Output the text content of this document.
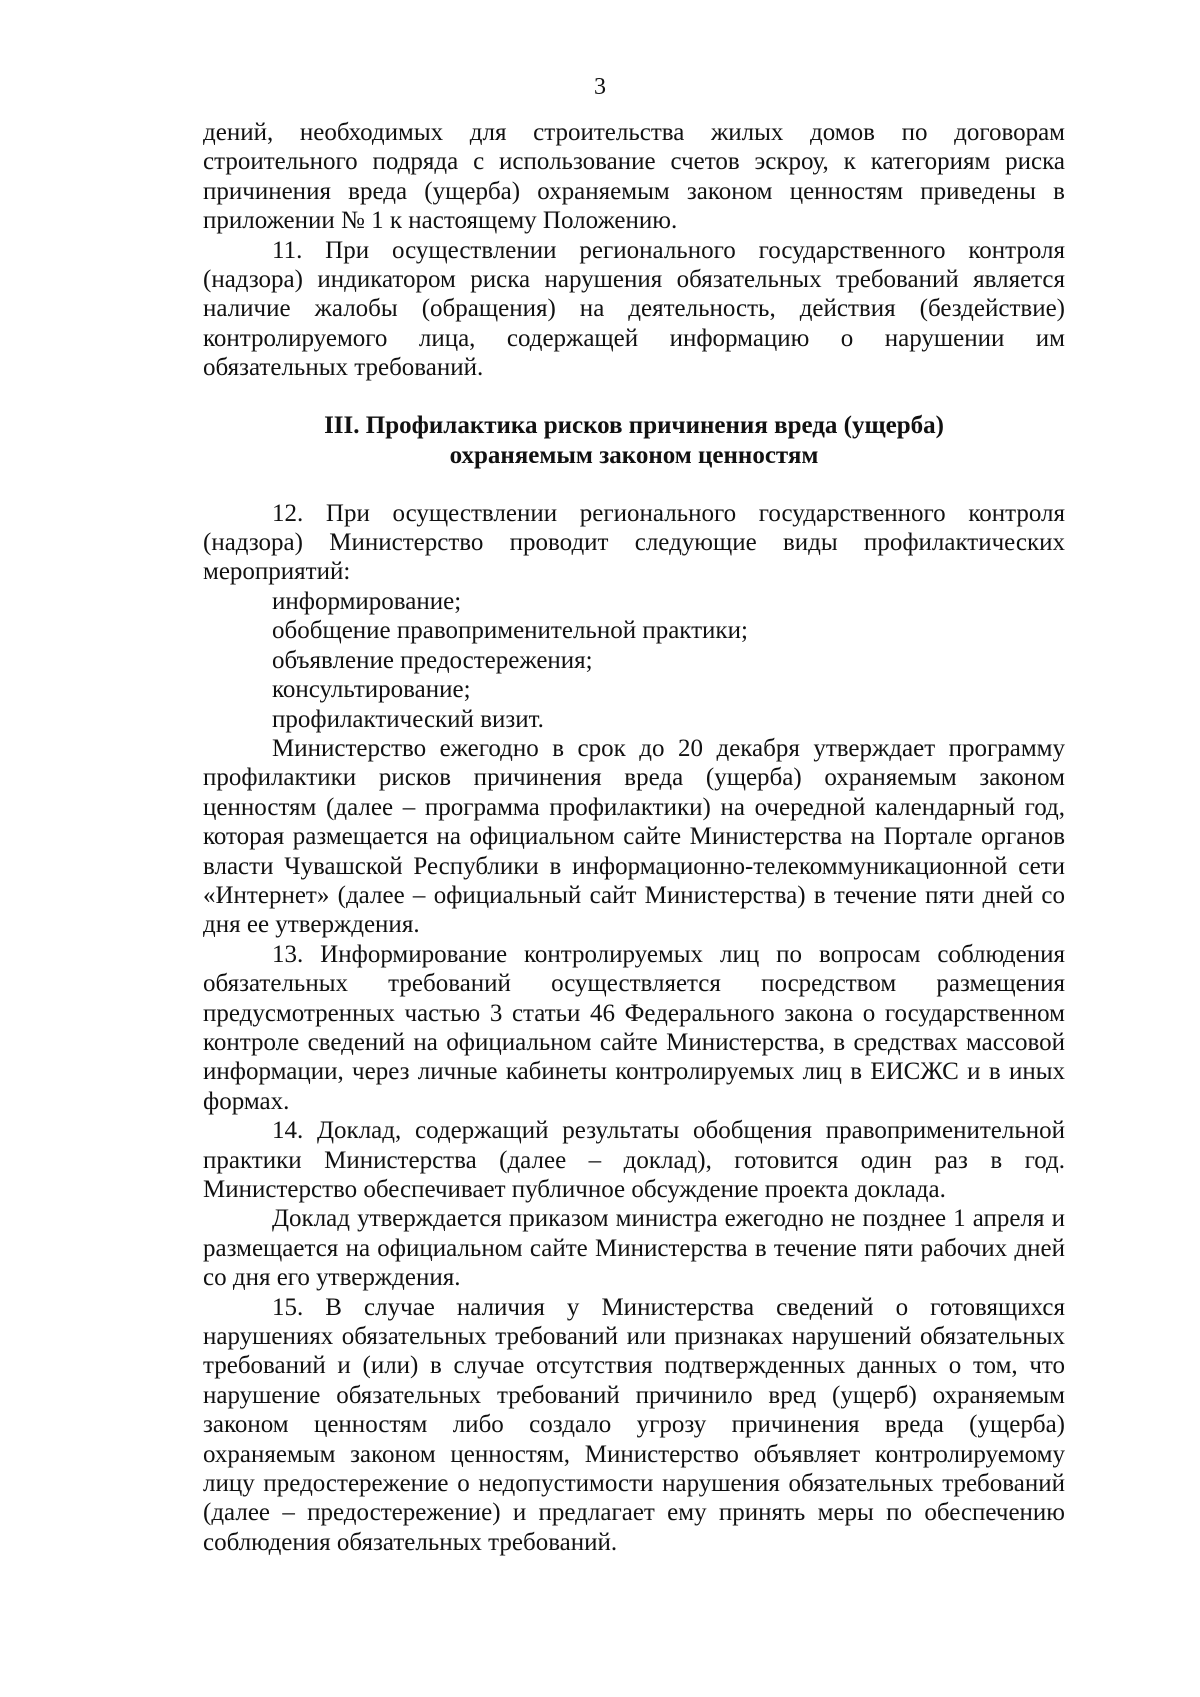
3

дений, необходимых для строительства жилых домов по договорам строительного подряда с использование счетов эскроу, к категориям риска причинения вреда (ущерба) охраняемым законом ценностям приведены в приложении № 1 к настоящему Положению.

11. При осуществлении регионального государственного контроля (надзора) индикатором риска нарушения обязательных требований является наличие жалобы (обращения) на деятельность, действия (бездействие) контролируемого лица, содержащей информацию о нарушении им обязательных требований.

III. Профилактика рисков причинения вреда (ущерба)
охраняемым законом ценностям

12. При осуществлении регионального государственного контроля (надзора) Министерство проводит следующие виды профилактических мероприятий:

информирование;

обобщение правоприменительной практики;

объявление предостережения;

консультирование;

профилактический визит.

Министерство ежегодно в срок до 20 декабря утверждает программу профилактики рисков причинения вреда (ущерба) охраняемым законом ценностям (далее – программа профилактики) на очередной календарный год, которая размещается на официальном сайте Министерства на Портале органов власти Чувашской Республики в информационно-телекоммуникационной сети «Интернет» (далее – официальный сайт Министерства) в течение пяти дней со дня ее утверждения.

13. Информирование контролируемых лиц по вопросам соблюдения обязательных требований осуществляется посредством размещения предусмотренных частью 3 статьи 46 Федерального закона о государственном контроле сведений на официальном сайте Министерства, в средствах массовой информации, через личные кабинеты контролируемых лиц в ЕИСЖС и в иных формах.

14. Доклад, содержащий результаты обобщения правоприменительной практики Министерства (далее – доклад), готовится один раз в год. Министерство обеспечивает публичное обсуждение проекта доклада.

Доклад утверждается приказом министра ежегодно не позднее 1 апреля и размещается на официальном сайте Министерства в течение пяти рабочих дней со дня его утверждения.

15. В случае наличия у Министерства сведений о готовящихся нарушениях обязательных требований или признаках нарушений обязательных требований и (или) в случае отсутствия подтвержденных данных о том, что нарушение обязательных требований причинило вред (ущерб) охраняемым законом ценностям либо создало угрозу причинения вреда (ущерба) охраняемым законом ценностям, Министерство объявляет контролируемому лицу предостережение о недопустимости нарушения обязательных требований (далее – предостережение) и предлагает ему принять меры по обеспечению соблюдения обязательных требований.
